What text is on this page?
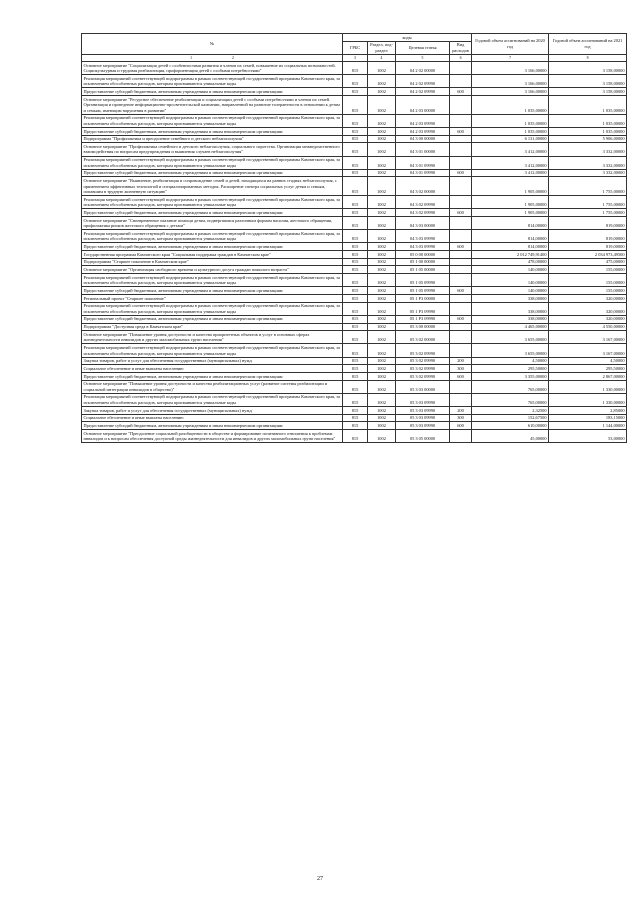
№	коды				Годовой объем ассигнований на 2020 год	Годовой объем ассигнований на 2021 год
	ГРБС	Раздел, под-раздел	Целевая статья	Вид расходов		
1 2	3	4	5	6	7	8
Основное мероприятие "Социализация детей с особенностями развития и членов их семей, повышение их социальных возможностей. Социокультурная и трудовая реабилитация, профориентация детей с особыми потребностями"	815	1002	04 2 02 00000		3 166,00000	3 158,00000
Реализация мероприятий соответствующей подпрограммы в рамках соответствующей государственной программы Камчатского края, за исключением обособленных расходов, которым присваиваются уникальные коды	815	1002	04 2 02 09990		3 166,00000	3 158,00000
Предоставление субсидий бюджетным, автономным учреждениям и иным некоммерческим организациям	815	1002	04 2 02 09990	600	3 166,00000	3 158,00000
Основное мероприятие "Ресурсное обеспечение реабилитации и социализации детей с особыми потребностями и членов их семей. Организация и проведение информационно-просветительской кампании, направленной на развитие толерантности в отношении к детям и семьям, имеющим нарушения в развитии"	815	1002	04 2 03 00000		1 035,00000	1 035,00000
Реализация мероприятий соответствующей подпрограммы в рамках соответствующей государственной программы Камчатского края, за исключением обособленных расходов, которым присваиваются уникальные коды	815	1002	04 2 03 09990		1 035,00000	1 035,00000
Предоставление субсидий бюджетным, автономным учреждениям и иным некоммерческим организациям	815	1002	04 2 03 09990	600	1 035,00000	1 035,00000
Подпрограмма "Профилактика и преодоление семейного и детского неблагополучия"	815	1002	04 3 00 00000		6 131,00000	5 906,00000
Основное мероприятие "Профилактика семейного и детского неблагополучия, социального сиротства. Организация межведомственного взаимодействия по вопросам предупреждения и выявления случаев неблагополучия"	815	1002	04 3 01 00000		3 412,00000	3 332,00000
Реализация мероприятий соответствующей подпрограммы в рамках соответствующей государственной программы Камчатского края, за исключением обособленных расходов, которым присваиваются уникальные коды	815	1002	04 3 01 09990		3 412,00000	3 332,00000
Предоставление субсидий бюджетным, автономным учреждениям и иным некоммерческим организациям	815	1002	04 3 01 09990	600	3 412,00000	3 332,00000
Основное мероприятие "Выявление, реабилитация и сопровождение семей и детей, находящихся на ранних стадиях неблагополучия, с применением эффективных технологий и специализированных методик. Расширение спектра социальных услуг детям и семьям, попавшим в трудную жизненную ситуацию"	815	1002	04 3 02 00000		1 905,00000	1 755,00000
Реализация мероприятий соответствующей подпрограммы в рамках соответствующей государственной программы Камчатского края, за исключением обособленных расходов, которым присваиваются уникальные коды	815	1002	04 3 02 09990		1 905,00000	1 755,00000
Предоставление субсидий бюджетным, автономным учреждениям и иным некоммерческим организациям	815	1002	04 3 02 09990	600	1 905,00000	1 755,00000
Основное мероприятие "Своевременное оказание помощи детям, подвергшимся различным формам насилия, жестокого обращения, профилактика рисков жестокого обращения с детьми"	815	1002	04 3 03 00000		814,00000	819,00000
Реализация мероприятий соответствующей подпрограммы в рамках соответствующей государственной программы Камчатского края, за исключением обособленных расходов, которым присваиваются уникальные коды	815	1002	04 3 03 09990		814,00000	819,00000
Предоставление субсидий бюджетным, автономным учреждениям и иным некоммерческим организациям	815	1002	04 3 03 09990	600	814,00000	819,00000
Государственная программа Камчатского края "Социальная поддержка граждан в Камчатском крае"	815	1002	05 0 00 00000		2 012 749,91400	2 034 973,49500
Подпрограмма "Старшее поколение в Камчатском крае"	815	1002	05 1 00 00000		478,00000	475,00000
Основное мероприятие "Организация свободного времени и культурного досуга граждан пожилого возраста"	815	1002	05 1 05 00000		140,00000	155,00000
Реализация мероприятий соответствующей подпрограммы в рамках соответствующей государственной программы Камчатского края, за исключением обособленных расходов, которым присваиваются уникальные коды	815	1002	05 1 05 09990		140,00000	155,00000
Предоставление субсидий бюджетным, автономным учреждениям и иным некоммерческим организациям	815	1002	05 1 05 09990	600	140,00000	155,00000
Региональный проект "Старшее поколение"	815	1002	05 1 P3 00000		338,00000	320,00000
Реализация мероприятий соответствующей подпрограммы в рамках соответствующей государственной программы Камчатского края, за исключением обособленных расходов, которым присваиваются уникальные коды	815	1002	05 1 P3 09990		338,00000	320,00000
Предоставление субсидий бюджетным, автономным учреждениям и иным некоммерческим организациям	815	1002	05 1 P3 09990	600	338,00000	320,00000
Подпрограмма "Доступная среда в Камчатском крае"	815	1002	05 3 00 00000		4 465,00000	4 550,00000
Основное мероприятие "Повышение уровня доступности и качества приоритетных объектов и услуг в основных сферах жизнедеятельности инвалидов и других маломобильных групп населения"	815	1002	05 3 02 00000		3 655,00000	3 167,00000
Реализация мероприятий соответствующей подпрограммы в рамках соответствующей государственной программы Камчатского края, за исключением обособленных расходов, которым присваиваются уникальные коды	815	1002	05 3 02 09990		3 655,00000	3 167,00000
Закупка товаров, работ и услуг для обеспечения государственных (муниципальных) нужд	815	1002	05 3 02 09990	200	4,50000	4,50000
Социальное обеспечение и иные выплаты населению	815	1002	05 3 02 09990	300	295,50000	295,50000
Предоставление субсидий бюджетным, автономным учреждениям и иным некоммерческим организациям	815	1002	05 3 02 09990	600	3 355,00000	2 867,00000
Основное мероприятие "Повышение уровня доступности и качества реабилитационных услуг (развитие системы реабилитации и социальной интеграции инвалидов в общество)"	815	1002	05 3 03 00000		765,00000	1 330,00000
Реализация мероприятий соответствующей подпрограммы в рамках соответствующей государственной программы Камчатского края, за исключением обособленных расходов, которым присваиваются уникальные коды	815	1002	05 3 03 09990		765,00000	1 330,00000
Закупка товаров, работ и услуг для обеспечения государственных (муниципальных) нужд	815	1002	05 3 03 09990	200	2,32500	2,85000
Социальное обеспечение и иные выплаты населению	815	1002	05 3 03 09990	300	152,67500	183,15000
Предоставление субсидий бюджетным, автономным учреждениям и иным некоммерческим организациям	815	1002	05 3 03 09990	600	610,00000	1 144,00000
Основное мероприятие "Преодоление социальной разобщенности в обществе и формирование позитивного отношения к проблемам инвалидов и к вопросам обеспечения доступной среды жизнедеятельности для инвалидов и других маломобильных групп населения"	815	1002	05 3 05 00000		45,00000	53,00000
27
